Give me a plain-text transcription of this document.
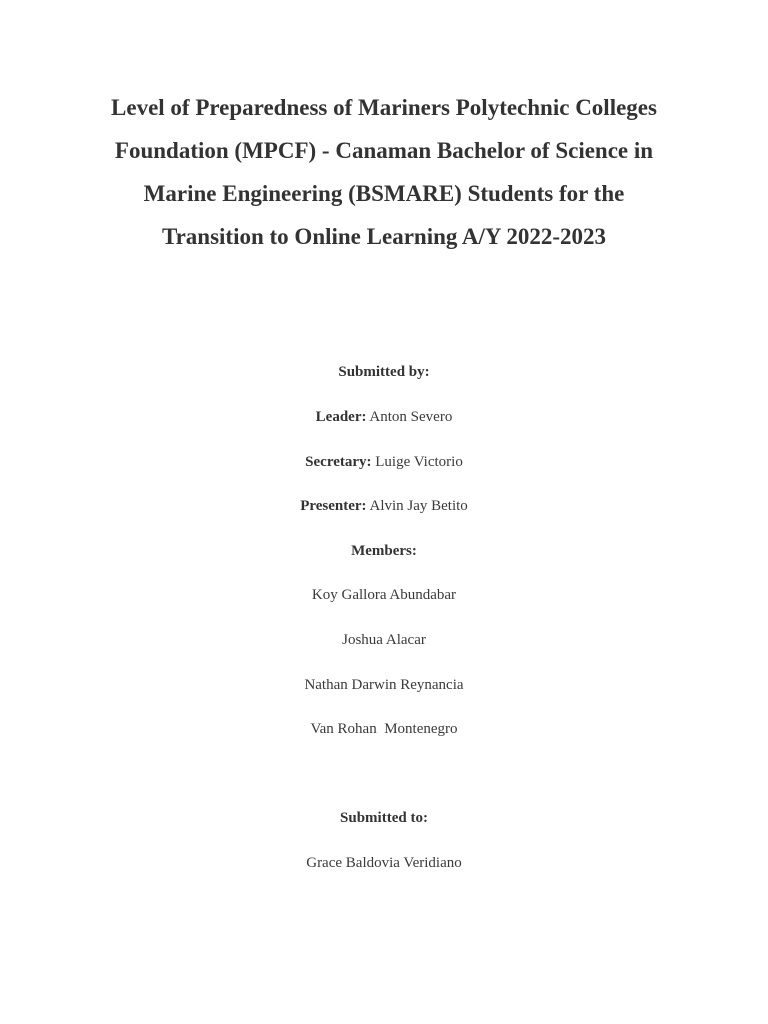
Level of Preparedness of Mariners Polytechnic Colleges
Foundation (MPCF) - Canaman Bachelor of Science in
Marine Engineering (BSMARE) Students for the
Transition to Online Learning A/Y 2022-2023
Submitted by:
Leader: Anton Severo
Secretary: Luige Victorio
Presenter: Alvin Jay Betito
Members:
Koy Gallora Abundabar
Joshua Alacar
Nathan Darwin Reynancia
Van Rohan  Montenegro
Submitted to:
Grace Baldovia Veridiano
